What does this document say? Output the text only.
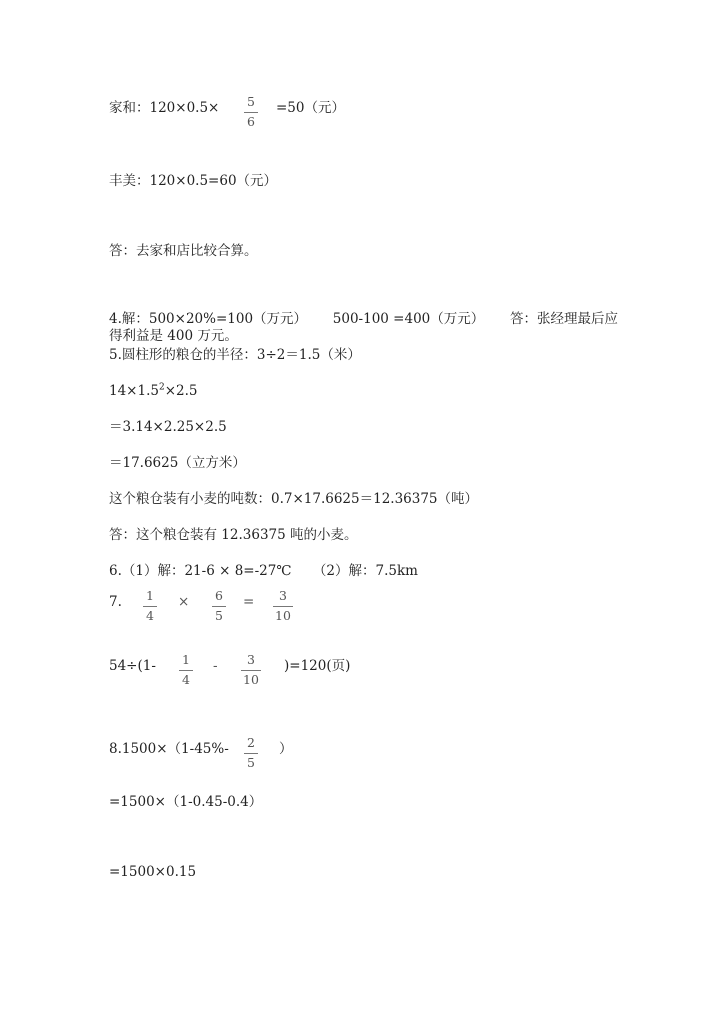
家和：120×0.5× 5
6
=50（元）
丰美：120×0.5=60（元）
答：去家和店比较合算。
4.解：500×20%=100（万元）      500-100 =400（万元）      答：张经理最后应
得利益是 400 万元。
5.圆柱形的粮仓的半径：3÷2＝1.5（米）
$14\times 1.5^2\times 2.5$
＝3.14×2.25×2.5
＝17.6625（立方米）
这个粮仓装有小麦的吨数：0.7×17.6625＝12.36375（吨）
答：这个粮仓装有 12.36375 吨的小麦。
6.（1）解：21-6 × 8=-27℃     （2）解：7.5km
7. 1
4
× 6
5
=	3
10
54÷(1- 1
4
-	3
10
)=120(页)
8.1500×（1-45%- 2
5
）
=1500×（1-0.45-0.4）
=1500×0.15
